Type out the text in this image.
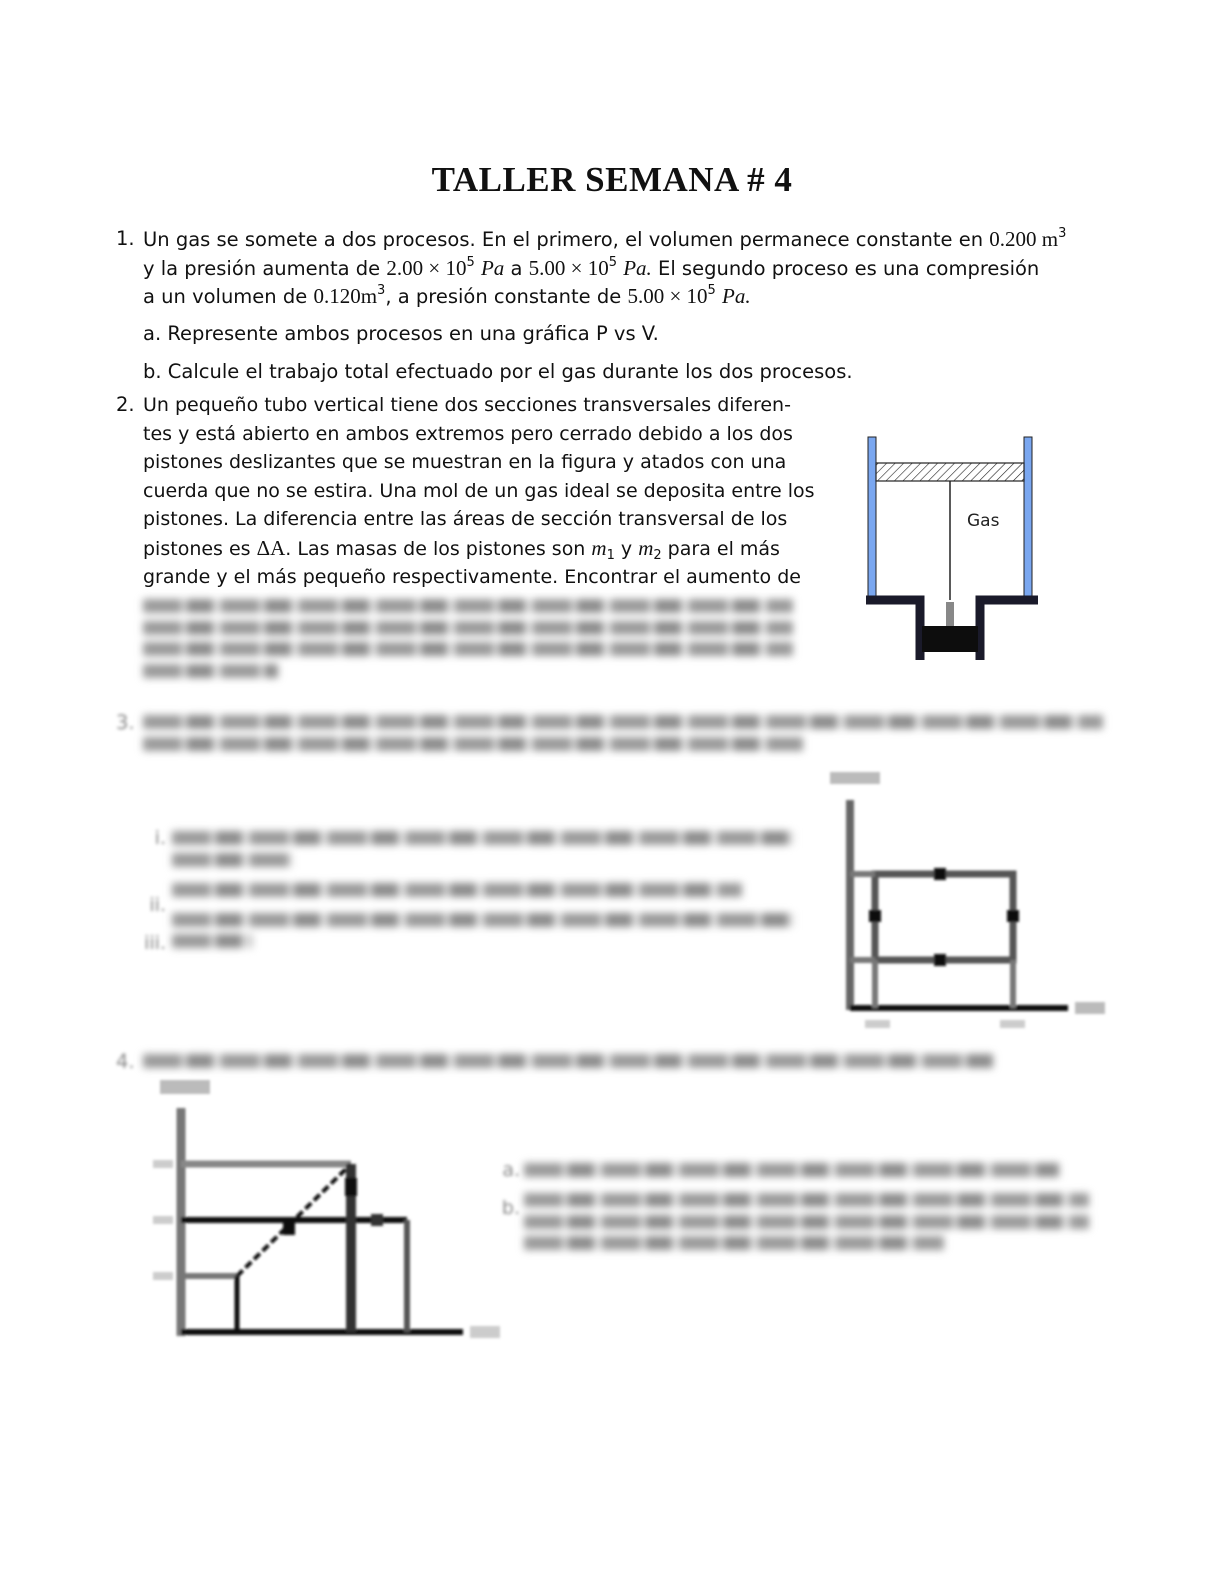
TALLER SEMANA # 4
1. Un gas se somete a dos procesos. En el primero, el volumen permanece constante en 0.200 $m^3$
y la presión aumenta de $2.00 \times 10^5$ Pa a $5.00 \times 10^5$ Pa. El segundo proceso es una compresión
a un volumen de $0.120m^3$, a presión constante de $5.00 \times 10^5$ Pa.
a. Represente ambos procesos en una gráfica P vs V.
b. Calcule el trabajo total efectuado por el gas durante los dos procesos.
2. Un pequeño tubo vertical tiene dos secciones transversales diferen-
tes y está abierto en ambos extremos pero cerrado debido a los dos
pistones deslizantes que se muestran en la figura y atados con una
cuerda que no se estira. Una mol de un gas ideal se deposita entre los
pistones. La diferencia entre las áreas de sección transversal de los
pistones es ΔA. Las masas de los pistones son $m_1$ y $m_2$ para el más
grande y el más pequeño respectivamente. Encontrar el aumento de
Gas
3.
i.
ii.
iii.
4.
a.
b.
